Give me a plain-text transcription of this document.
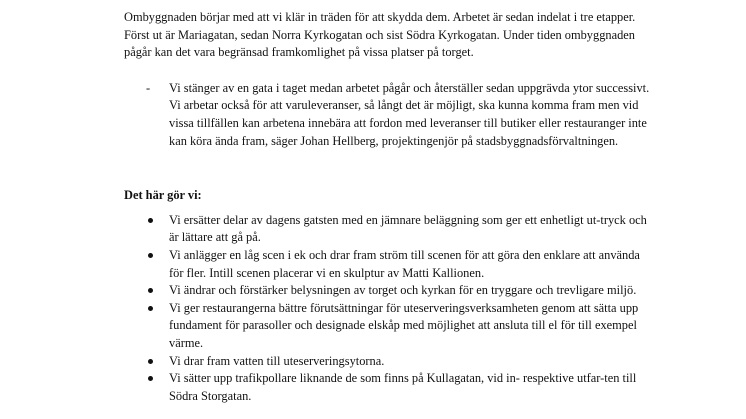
Ombyggnaden börjar med att vi klär in träden för att skydda dem. Arbetet är sedan indelat i tre etapper. Först ut är Mariagatan, sedan Norra Kyrkogatan och sist Södra Kyrkogatan. Under tiden ombyggnaden pågår kan det vara begränsad framkomlighet på vissa platser på torget.

- Vi stänger av en gata i taget medan arbetet pågår och återställer sedan uppgrävda ytor successivt. Vi arbetar också för att varuleveranser, så långt det är möjligt, ska kunna komma fram men vid vissa tillfällen kan arbetena innebära att fordon med leveranser till butiker eller restauranger inte kan köra ända fram, säger Johan Hellberg, projektingenjör på stadsbyggnadsförvaltningen.

Det här gör vi:

Vi ersätter delar av dagens gatsten med en jämnare beläggning som ger ett enhetligt ut-tryck och är lättare att gå på.
Vi anlägger en låg scen i ek och drar fram ström till scenen för att göra den enklare att använda för fler. Intill scenen placerar vi en skulptur av Matti Kallionen.
Vi ändrar och förstärker belysningen av torget och kyrkan för en tryggare och trevligare miljö.
Vi ger restaurangerna bättre förutsättningar för uteserveringsverksamheten genom att sätta upp fundament för parasoller och designade elskåp med möjlighet att ansluta till el för till exempel värme.
Vi drar fram vatten till uteserveringsytorna.
Vi sätter upp trafikpollare liknande de som finns på Kullagatan, vid in- respektive utfar-ten till Södra Storgatan.
